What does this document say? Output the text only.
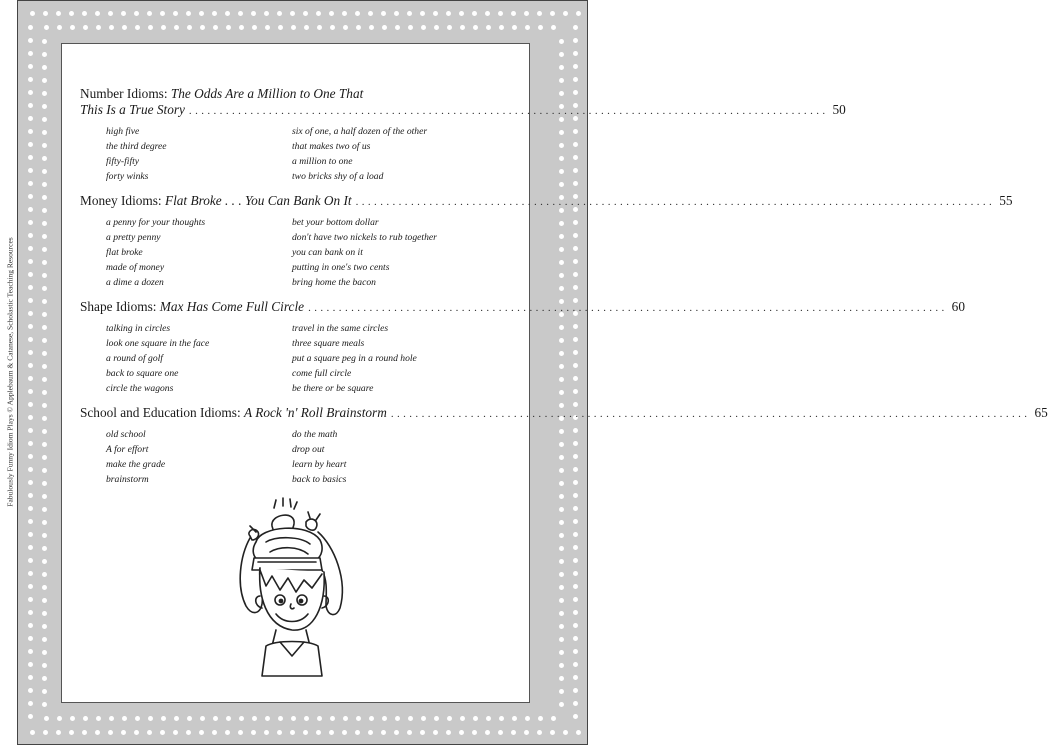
Fabulously Funny Idiom Plays © Applebaum & Catanese, Scholastic Teaching Resources
Number Idioms: The Odds Are a Million to One That
This Is a True Story ........................................................................................................ 50
high five
the third degree
fifty-fifty
forty winks
six of one, a half dozen of the other
that makes two of us
a million to one
two bricks shy of a load
Money Idioms: Flat Broke . . . You Can Bank On It ........................................................................................................ 55
a penny for your thoughts
a pretty penny
flat broke
made of money
a dime a dozen
bet your bottom dollar
don't have two nickels to rub together
you can bank on it
putting in one's two cents
bring home the bacon
Shape Idioms: Max Has Come Full Circle ........................................................................................................ 60
talking in circles
look one square in the face
a round of golf
back to square one
circle the wagons
travel in the same circles
three square meals
put a square peg in a round hole
come full circle
be there or be square
School and Education Idioms: A Rock 'n' Roll Brainstorm ........................................................................................................ 65
old school
A for effort
make the grade
brainstorm
do the math
drop out
learn by heart
back to basics
